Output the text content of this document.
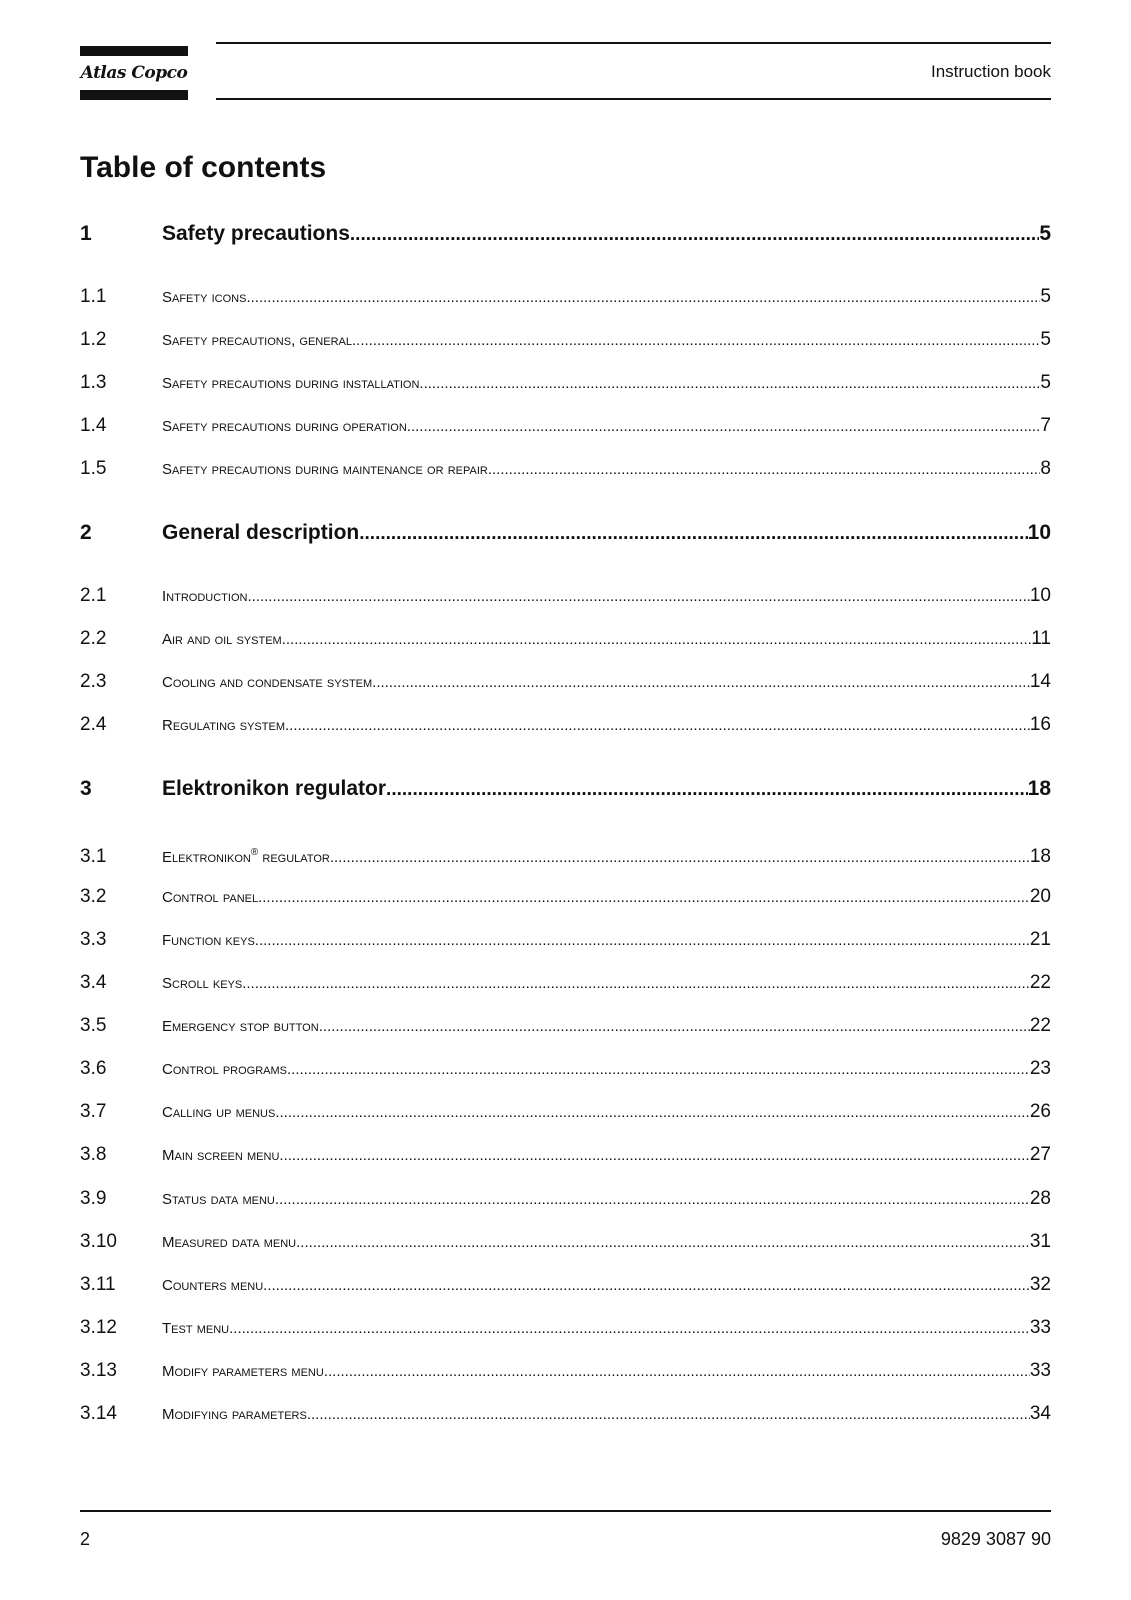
Atlas Copco	Instruction book
Table of contents
1	Safety precautions .....	5
1.1	Safety icons .....	5
1.2	Safety precautions, general .....	5
1.3	Safety precautions during installation .....	5
1.4	Safety precautions during operation .....	7
1.5	Safety precautions during maintenance or repair .....	8
2	General description .....	10
2.1	Introduction .....	10
2.2	Air and oil system .....	11
2.3	Cooling and condensate system .....	14
2.4	Regulating system .....	16
3	Elektronikon regulator .....	18
3.1	Elektronikon® regulator .....	18
3.2	Control panel .....	20
3.3	Function keys .....	21
3.4	Scroll keys .....	22
3.5	Emergency stop button .....	22
3.6	Control programs .....	23
3.7	Calling up menus .....	26
3.8	Main screen menu .....	27
3.9	Status data menu .....	28
3.10	Measured data menu .....	31
3.11	Counters menu .....	32
3.12	Test menu .....	33
3.13	Modify parameters menu .....	33
3.14	Modifying parameters .....	34
2	9829 3087 90
